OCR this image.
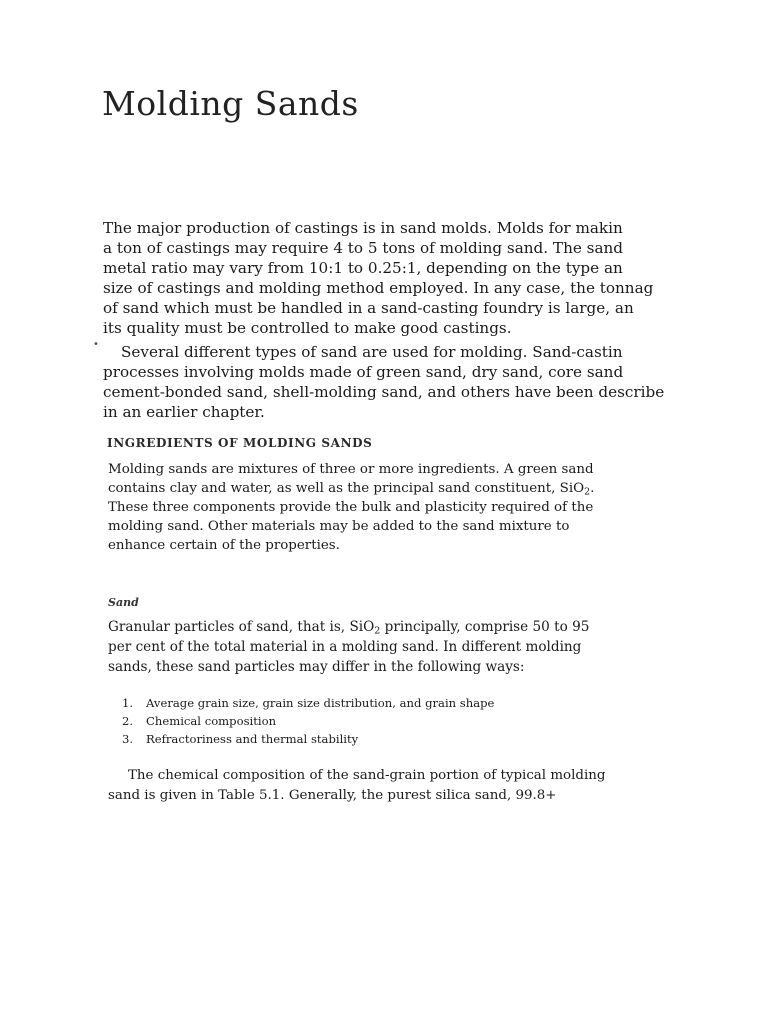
Molding Sands

The major production of castings is in sand molds. Molds for makin
a ton of castings may require 4 to 5 tons of molding sand. The sand
metal ratio may vary from 10:1 to 0.25:1, depending on the type an
size of castings and molding method employed. In any case, the tonnag
of sand which must be handled in a sand-casting foundry is large, an
its quality must be controlled to make good castings.

•	Several different types of sand are used for molding. Sand-castin
processes involving molds made of green sand, dry sand, core sand
cement-bonded sand, shell-molding sand, and others have been describe
in an earlier chapter.

INGREDIENTS OF MOLDING SANDS

Molding sands are mixtures of three or more ingredients. A green sand
contains clay and water, as well as the principal sand constituent, SiO$_2$.
These three components provide the bulk and plasticity required of the
molding sand. Other materials may be added to the sand mixture to
enhance certain of the properties.

Sand

Granular particles of sand, that is, SiO$_2$ principally, comprise 50 to 95
per cent of the total material in a molding sand. In different molding
sands, these sand particles may differ in the following ways:

1. Average grain size, grain size distribution, and grain shape
2. Chemical composition
3. Refractoriness and thermal stability

The chemical composition of the sand-grain portion of typical molding
sand is given in Table 5.1. Generally, the purest silica sand, 99.8+
